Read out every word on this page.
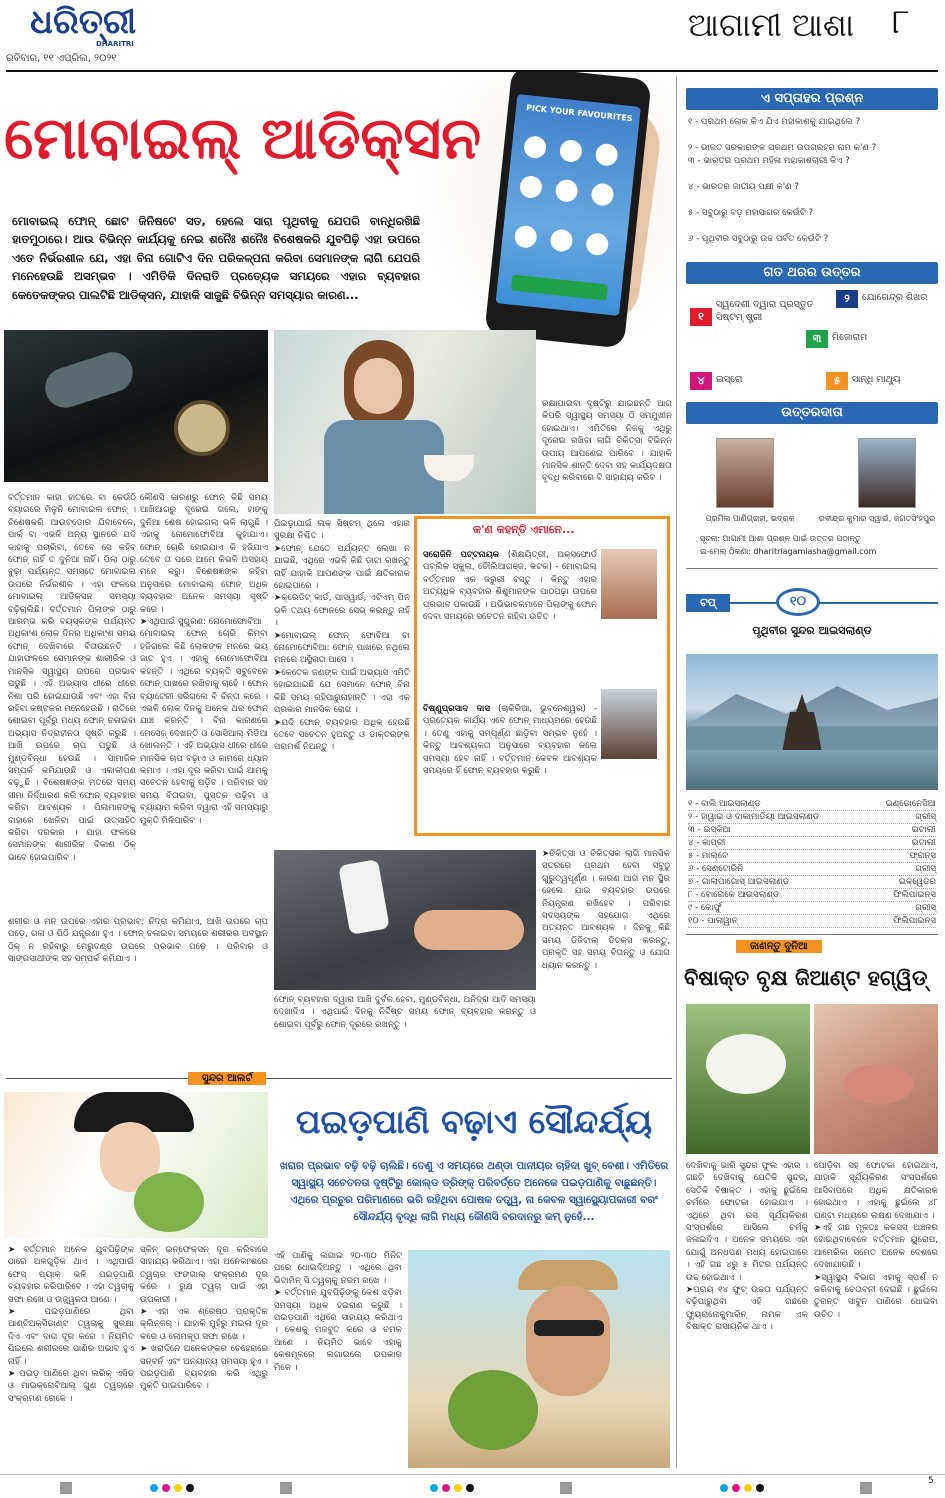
ଧରିତ୍ରୀ
DHARITRI
ରବିବାର, ୧୧ ଏପ୍ରିଲ, ୨୦୨୧
ଆଗାମୀ ଆଶା ୮
PICK YOUR FAVOURITES
ମୋବାଇଲ୍ ଆଡିକ୍ସନ
ମୋବାଇଲ୍ ଫୋନ୍ ଛୋଟ ଜିନିଷଟେ ସତ, ହେଲେ ସାରା ପୃଥିବୀକୁ ଯେପରି ବାନ୍ଧିରଖିଛି ହାତମୁଠାରେ। ଆଉ ବିଭିନ୍ନ କାର୍ଯ୍ୟକୁ ନେଇ ଶନୈଃ ଶନୈଃ ବିଶେଷକରି ଯୁବପିଢ଼ି ଏହା ଉପରେ ଏତେ ନିର୍ଭରଶୀଳ ଯେ, ଏହା ବିନା ଗୋଟିଏ ଦିନ ପରିକଳ୍ପନା କରିବା ସେମାନଙ୍କ ଲାଗି ଯେପରି ମନେହେଉଛି ଅସମ୍ଭବ । ଏମିତିକି ଦିନରାତି ପ୍ରତ୍ୟେକ ସମୟରେ ଏହାର ବ୍ୟବହାର କେତେକଙ୍କର ପାଲଟିଛି ଆଡିକ୍ସନ, ଯାହାକି ସାଜୁଛି ବିଭିନ୍ନ ସମସ୍ୟାର କାରଣ...
ରକ୍ଷାପାଇବା ଦୃଷ୍ଟିରୁ ଯାଇଛନ୍ତି ଆଗ କିପରି ସ୍ୱାସ୍ଥ୍ୟ ସମସ୍ୟା ଠି ସମ୍ମୁଖୀନ ହୋଇଥାଏ। ଏମିତିରେ ନିଜକୁ ଏଥିରୁ ଦୂରେଇ ରଖିବା ଲାଗି ଚିକିତ୍ସା ବିଭିନ୍ନ ଉପାୟ ଆପଣେଇ ପାରିବେ । ଯାହାକି ମାନସିକ ଶାନ୍ତି ଦେବା ସହ କାର୍ଯ୍ୟଦକ୍ଷତା ବୃଦ୍ଧି କରିବାରେ ବି ସାହାଯ୍ୟ କରିବ ।
ବର୍ତ୍ତମାନ କାହା ହାତରେ ବା କେଉଁଠି ବ୍ୟାଗରେ ମିଳୁନି ମୋବାଇଲ ଫୋନ୍ । ବିଶେଷକରି ଆଉଟ୍‌ଡୋର ଯିବାବେଳେ, ପାର୍କ ବା ଏଭଳି ଅନ୍ୟ ସ୍ଥାନରେ ଯଦି କାହାକୁ ପଚାରିବା, ତେବେ ସେ କହିବ ଫୋନ୍ ନାହିଁ ତ ଦୁନିଆ ନାହିଁ। ପିଲା ଠାରୁ ବୁଢ଼ା ପର୍ଯ୍ୟନ୍ତ ସମସ୍ତେ ମୋବାଇଲ ଉପରେ ନିର୍ଭରଶୀଳ । ଏହା ଫଳରେ ମୋବାଇଲ୍ ଆଡିକ୍ସନ ସମସ୍ୟା ବଢ଼ିଚାଲିଛି। ବର୍ତ୍ତମାନ ପିଲାଙ୍କ ଠାରୁ ଆରମ୍ଭ କରି ବୟସ୍କଙ୍କ ପର୍ଯ୍ୟନ୍ତ ଅଧିକାଂଶ ଲୋକ ଦିନର ଅଧିକାଂଶ ସମୟ ଫୋନ୍ ଦେଖିବାରେ ବିତାଉଛନ୍ତି । ଯାହାଫଳରେ ସେମାନଙ୍କ ଶାରୀରିକ ଓ ମାନସିକ ସ୍ୱାସ୍ଥ୍ୟ ଉପରେ ପ୍ରଭାବ ପଡୁଛି । ଏହି ଅଭ୍ୟାସ ଧୀରେ ଧୀରେ ନିଶା ପରି ହୋଇଯାଉଛି ଏବଂ ଏହା ବିନା ରହିବା କଷ୍ଟକର ମନେହେଉଛି । ରାତିରେ ଶୋଇବା ପୂର୍ବରୁ ମଧ୍ୟ ଫୋନ୍ ଚଳାଇବା ଅଭ୍ୟାସ ନିଦ୍ରାହୀନତା ସୃଷ୍ଟି କରୁଛି । ଆଖି ଉପରେ ଚାପ ପଡୁଛି ଓ ମୁଣ୍ଡବିନ୍ଧା ହେଉଛି । ସାମାଜିକ ସମ୍ପର୍କ କମିଯାଉଛି ଓ ଏକାକୀପଣ ବଢ଼ୁଛି । ବିଶେଷଜ୍ଞଙ୍କ ମତରେ ସମୟ ସୀମା ନିର୍ଦ୍ଧାରଣ କରି ଫୋନ୍ ବ୍ୟବହାର କରିବା ଆବଶ୍ୟକ । ପିଲାମାନଙ୍କୁ ବାହାରେ ଖେଳିବା ପାଇଁ ଉତ୍ସାହିତ କରିବା ଦରକାର । ଯାହା ଫଳରେ ସେମାନଙ୍କ ଶାରୀରିକ ବିକାଶ ଠିକ୍ ଭାବେ ହୋଇପାରିବ ।
କୌଣସି କାରଣରୁ ଫୋନ୍ କିଛି ସମୟ ଆଖିଆଗରୁ ଦୂରେଇ ଗଲେ, ହାଙ୍କୁ ଦୁନିଆ ଶେଷ ହୋଇଗଲା ଭଳି ଲାଗୁଛି । ଏହାକୁ ନୋମୋଫୋବିଆ କୁହାଯାଏ। ଫୋନ୍ ଚୋରି ହୋଇଯାଏ କି ହଜିଯାଏ ତେବେ ତା ପରେ ଆମେ କିଭଳି ଅସହାୟ ମନେ କରୁ। ବିଶେଷଜ୍ଞଙ୍କ କହିବା ଅନୁସାରେ ମୋବାଇଲ୍ ଫୋନ୍ ଅଧିକ ବ୍ୟବହାର ଅନେକ ସମସ୍ୟା ସୃଷ୍ଟି କରେ ।
➤ଏଥିପାଇଁ ସୁଗୁରଣ: ନୋମୋଫୋବିଆ
ମୋବାଇଲ୍ ଫୋନ୍ ଚୋରି କିମ୍ବା ହଜିଗଲେ କିଛି ଲୋକଙ୍କ ମନରେ ଭୟ ଜାତ ହୁଏ । ଏହାକୁ ନୋମୋଫୋବିଆ କହନ୍ତି । ଏଥିରେ ବ୍ୟକ୍ତି ସବୁବେଳେ ଫୋନ୍ ପାଖରେ ରଖିବାକୁ ଚାହେଁ । ଫୋନ୍ ବ୍ୟାଟେରୀ ସରିଗଲେ ବି ଚିନ୍ତା କରେ । ଏଭଳି ଲୋକ ଦିନକୁ ଅନେକ ଥର ଫୋନ୍ ଯାଞ୍ଚ କରନ୍ତି । ବିନା କାରଣରେ ମେସେଜ୍ ଦେଖନ୍ତି ଓ ସୋସିଆଲ୍ ମିଡିଆ ଖୋଲନ୍ତି । ଏହି ଅଭ୍ୟାସ ଧୀରେ ଧୀରେ ମାନସିକ ଚାପ ବଢ଼ାଏ ଓ କାମରେ ଧ୍ୟାନ କମାଏ । ଏହା ଦୂର କରିବା ପାଇଁ ଆମକୁ ସଚେତନ ହେବାକୁ ପଡ଼ିବ । ପରିବାର ସହ ସମୟ ବିତାଇବା, ପୁସ୍ତକ ପଢ଼ିବା ଓ ବ୍ୟାୟାମ କରିବା ଦ୍ୱାରା ଏହି ସମସ୍ୟାରୁ ମୁକ୍ତି ମିଳିପାରିବ ।
ପିଇଡ଼ାଯାଇଁ ଲକ୍ ସିଷ୍ଟମ୍ ଥିଲେ ଏହାର ସୁରକ୍ଷା ନିଶ୍ଚିତ ।
➤ଫୋନ୍ ଯେତେ ପର୍ଯ୍ୟନ୍ତ ଲେଖା ନ ଯାଇଛି, ଏଥିରେ ଏଭଳି କିଛି ଡାଟା ରଖନ୍ତୁ ନାହିଁ ଯାହାକି ଆପଣଙ୍କ ପାଇଁ କ୍ଷତିକାରକ ହୋଇପାରେ ।
➤କ୍ରେଡିଟ୍ କାର୍ଡ, ପାସୱାର୍ଡ, ଏଟିଏମ୍ ପିନ୍ ଭଳି ତଥ୍ୟ ଫୋନରେ ସେଭ୍ କରନ୍ତୁ ନାହିଁ ।
➤ମୋବାଇଲ୍ ଫୋନ୍ ଫୋବିଆ ବା ନୋମୋଫୋବିଆ: ଫୋନ୍ ପାଖରେ ନଥିଲେ ମନରେ ଅସ୍ଥିରତା ଆସେ ।
➤କେତେକ ଜଣଙ୍କ ପାଇଁ ଅଭ୍ୟାସ ଏମିତି ହୋଇଯାଇଛି ଯେ ସେମାନେ ଫୋନ୍ ବିନା କିଛି ସମୟ ରହିପାରୁନାହାନ୍ତି । ଏହା ଏକ ପ୍ରକାର ମାନସିକ ରୋଗ ।
➤ଯଦି ଫୋନ୍ ବ୍ୟବହାର ଅଧିକ ହେଉଛି ତେବେ ସଚେତନ ହୁଅନ୍ତୁ ଓ ଡାକ୍ତରଙ୍କ ପରାମର୍ଶ ନିଅନ୍ତୁ ।
ଶରୀର ଓ ମନ ଉପରେ ଏହାର ପ୍ରଭାବ: ନିଦ୍ରା କମିଯାଏ, ଆଖି ଉପରେ ଚାପ ପଡ଼େ, ଗଳା ଓ ପିଠି ଯନ୍ତ୍ରଣା ହୁଏ । ଫୋନ୍ ଚଳାଇବା ସମୟରେ ଶରୀରର ଅବସ୍ଥାନ ଠିକ୍ ନ ରହିବାରୁ ମେରୁଦଣ୍ଡ ଉପରେ ପ୍ରଭାବ ପଡ଼େ । ପରିବାର ଓ ସାଙ୍ଗସାଥୀଙ୍କ ସହ ସମ୍ପର୍କ କମିଯାଏ ।
କ'ଣ କହନ୍ତି ଏମାନେ...
ସରୋଜିନି ପଟ୍ଟନାୟକ (ଶିକ୍ଷୟିତ୍ରୀ, ଅକ୍ସଫୋର୍ଡ ପବ୍ଲିକ ସ୍କୁଲ, ଚୌଲିଆଗଞ୍ଜ, କଟକ) - ମୋବାଇଲ୍ ବର୍ତ୍ତମାନ ଏକ ଜରୁରୀ ବସ୍ତୁ । କିନ୍ତୁ ଏହାର ଅତ୍ୟଧିକ ବ୍ୟବହାର ଶିଶୁମାନଙ୍କ ପାଠପଢ଼ା ଉପରେ ପ୍ରଭାବ ପକାଉଛି । ଅଭିଭାବକମାନେ ପିଲାଙ୍କୁ ଫୋନ୍ ଦେବା ସମୟରେ ସଚେତନ ରହିବା ଉଚିତ ।
ବିଷ୍ଣୁପ୍ରସାଦ ଦାସ (ଚାକିରିଆ, ଭୁବନେଶ୍ୱର) - ପ୍ରତ୍ୟେକ କାର୍ଯ୍ୟ ଏବେ ଫୋନ୍ ମାଧ୍ୟମରେ ହେଉଛି । ତେଣୁ ଏହାକୁ ସମ୍ପୂର୍ଣ୍ଣ ଛାଡ଼ିବା ସମ୍ଭବ ନୁହେଁ । କିନ୍ତୁ ଆବଶ୍ୟକତା ଅନୁସାରେ ବ୍ୟବହାର କଲେ ସମସ୍ୟା ହେବ ନାହିଁ । ବର୍ତ୍ତମାନ କେବଳ ଆବଶ୍ୟକ ସମୟରେ ହିଁ ଫୋନ୍ ବ୍ୟବହାର କରୁଛି ।
ଫୋନ୍ ବ୍ୟବହାର ଦ୍ୱାରା ଆଖି ଦୁର୍ବଳ ହେବା, ମୁଣ୍ଡବିନ୍ଧା, ଅନିଦ୍ରା ଆଦି ସମସ୍ୟା ଦେଖାଦିଏ । ଏଥିପାଇଁ ଦିନକୁ ନିର୍ଦ୍ଦିଷ୍ଟ ସମୟ ଫୋନ୍ ବ୍ୟବହାର କରନ୍ତୁ ଓ ଶୋଇବା ପୂର୍ବରୁ ଫୋନ୍ ଦୂରରେ ରଖନ୍ତୁ ।
➤ଚିକିତ୍ସା ଓ ଚିକିତ୍ସକ ଲାଗି ମାନସିକ ସ୍ତରରେ ପ୍ରଥମ ହେବା ସବୁଠୁ ଗୁରୁତ୍ୱପୂର୍ଣ୍ଣ । କାରଣ ଆଗ ମନ ସ୍ଥିର ହେଲେ ଯାଇ ବ୍ୟବହାର ଉପରେ ନିୟନ୍ତ୍ରଣ ରଖିହେବ । ପରିବାର ସଦସ୍ୟଙ୍କ ସହଯୋଗ ଏଥିରେ ଅତ୍ୟନ୍ତ ଆବଶ୍ୟକ । ଦିନକୁ କିଛି ସମୟ ଡିଜିଟାଲ୍ ଡିଟକ୍ସ କରନ୍ତୁ, ପ୍ରକୃତି ସହ ସମୟ ବିତାନ୍ତୁ ଓ ଯୋଗ ଧ୍ୟାନ କରନ୍ତୁ ।
ସୁନ୍ଦର ଆଲର୍ଟ
ପଇଡ଼ପାଣି ବଢ଼ାଏ ସୌନ୍ଦର୍ଯ୍ୟ
ଖରାର ପ୍ରଭାବ ବଢ଼ି ବଢ଼ି ଚାଲିଛି। ତେଣୁ ଏ ସମୟରେ ଥଣ୍ଡା ପାନୀୟର ଚାହିଦା ଖୁବ୍ ବେଶୀ। ଏମିତିରେ ସ୍ୱାସ୍ଥ୍ୟ ସଚେତନତା ଦୃଷ୍ଟିରୁ କୋଲ୍ଡ ଡ୍ରିଙ୍କ୍ ପରିବର୍ତ୍ତେ ଅନେକେ ପଇଡ଼ପାଣିକୁ ବାଛୁଛନ୍ତି। ଏଥିରେ ପ୍ରଚୁର ପରିମାଣରେ ଭରି ରହିଥିବା ପୋଷକ ତତ୍ତ୍ୱ, ନା କେବଳ ସ୍ୱାସ୍ଥ୍ୟୋପକାରୀ ବରଂ ସୌନ୍ଦର୍ଯ୍ୟ ବୃଦ୍ଧି ଲାଗି ମଧ୍ୟ କୌଣସି ବରଦାନରୁ କମ୍ ନୁହେଁ...
➤ ବର୍ତ୍ତମାନ ଅନେକ ଯୁବପିଢ଼ିଙ୍କ ଠାରେ ଅଳଗୁଡ଼ିକ ଥାଏ । ଏଥିପାଇଁ ଫେସ୍ ପ୍ୟାକ୍ ଭଳି ପଇଡ଼ପାଣି ବ୍ୟବହାର କରିପାରିବେ । ଏହା ତ୍ୱଚାକୁ ସଫା ରଖେ ଓ ଉଜ୍ଜ୍ୱଳତା ଆଣେ ।
➤ ପଇଡ଼ପାଣିରେ ଥିବା ଆଣ୍ଟିଅକ୍ସିଡାଣ୍ଟ ତ୍ୱଚାକୁ ସୁରକ୍ଷା ଦିଏ ଏବଂ ଦାଗ ଦୂର କରେ । ନିୟମିତ ପିଇଲେ ଶରୀରରେ ପାଣିର ଅଭାବ ହୁଏ ନାହିଁ ।
➤ ପଇଡ଼ ପାଣିରେ ଥିବା ଲରିକ୍ ଏସିଡ୍ ଓ ମାଇକ୍ରୋବିଆଲ୍ ଗୁଣ ତ୍ୱଚାରେ ସଂକ୍ରମଣ ରୋକେ ।
ସ୍କିନ୍ ଇନ୍‌ଫେକ୍ସନ୍ ଦୂର କରିବାରେ ସାହାଯ୍ୟ କରିଥାଏ। ଏହା ଅନେକାଂଶରେ ତ୍ୱଚାର ଫଙ୍ଗାଲ୍ ସଂକ୍ରମଣ ଦୂର କରେ । ରୁକ୍ଷ ତ୍ୱଚା ପାଇଁ ଏହା ଉପକାରୀ ।
➤ ଏହା ଏକ ଶ୍ରେଷ୍ଠ ପ୍ରାକୃତିକ କ୍ଲିନ୍‌ଜର୍ । ଯାହାକି ମୁହଁରୁ ମଇଳା ଦୂର କରେ ଓ ଲୋମକୂପ ସଫା ରଖେ ।
➤ ଖରାଦିନେ ଅନେକଙ୍କର ଚେହେରାରେ ସନ୍‌ବର୍ନ ଏବଂ ଅନ୍ୟାନ୍ୟ ସମସ୍ୟା ହୁଏ । ପଇଡ଼ପାଣି ବ୍ୟବହାର କରି ଏଥିରୁ ମୁକ୍ତି ପାଇପାରିବେ ।
ଏହି ପାଣିକୁ ଲଗାଇ ୨୦-୩୦ ମିନିଟ୍ ପରେ ଧୋଇଦିଅନ୍ତୁ । ଏଥିରେ ଥିବା ଭିଟାମିନ୍ ସି ତ୍ୱଚାକୁ ନରମ ରଖେ ।
➤ ବର୍ତ୍ତମାନ ଯୁବପିଢ଼ିଙ୍କୁ କେଶ ଝଡ଼ିବା ସମସ୍ୟା ଅଧିକ ହଇରାଣ କରୁଛି । ପଇଡ଼ପାଣି ଏଥିରେ ସାହାଯ୍ୟ କରିଥାଏ । କେଶକୁ ମଜବୁତ କରେ ଓ ଚମକ ଆଣେ । ନିୟମିତ ଭାବେ ଏହାକୁ କେଶମୂଳରେ ଲଗାଇଲେ ଉପକାର ମିଳେ ।
ଏ ସପ୍ତାହର ପ୍ରଶ୍ନ
୧ - ପ୍ରଥମ ଲୋକ କିଏ ଯିଏ ମହାକାଶକୁ ଯାଇଥିଲେ ?
୨ - ଭାରତ ସରକାରଙ୍କ ପ୍ରଥମ ଉପଗ୍ରହର ନାମ କ'ଣ ?
୩ - ଭାରତର ପ୍ରଥମ ମହିଳା ମହାକାଶଚାରୀ କିଏ ?
୪ - ଭାରତର ଜାତୀୟ ପକ୍ଷୀ କ'ଣ ?
୫ - ସବୁଠାରୁ ବଡ଼ ମହାସାଗର କେଉଁଟି ?
୬ - ପୃଥିବୀର ସବୁଠାରୁ ଉଚ୍ଚ ପର୍ବତ କେଉଁଟି ?
ଗତ ଥରର ଉତ୍ତର
୧
ସ୍ୱଦେଶୀ ଦ୍ୱାରା ପ୍ରସ୍ତୁତ ସିଷ୍ଟମ୍ ଷ୍ଟ୍ରୀ
୨	ଯୋଗେନ୍ଦ୍ର ଶିଖର
୩	ମିଜୋରାମ
୪	ଇସ୍ରୋ	୫	ସାନ୍ଧି ମାଥ୍ୟୁ
ଉତ୍ତରଦାତା
ପ୍ରମିଳା ପାଣିଗ୍ରାହୀ, ଭଦ୍ରକ	ରବୀନ୍ଦ୍ର କୁମାର ସ୍ୱାଇଁ, ଜଗତସିଂହପୁର
ସୂଚନା: ଆଗାମୀ ଆଶା ପ୍ରଶ୍ନ ପାଇଁ ଉତ୍ତର ପଠାନ୍ତୁ
ଇ-ମେଲ୍ ଠିକଣା: dharitriagamiasha@gmail.com
ଟପ୍	୧୦
ପୃଥିବୀର ସୁନ୍ଦର ଆଇସଲାଣ୍ଡ
୧ - ବାଲି ଆଇସଲାଣ୍ଡ	ଇଣ୍ଡୋନେସିଆ
୨ - ହାୱାଇ ଓ ଦାକାମାଡିୟା ଆଇସଲାଣ୍ଡ	ଗ୍ରୀସ୍
୩ - ଇସ୍କିଆ	ଇଟାଲୀ
୪ - କାପ୍ରୀ	ଇଟାଲୀ
୫ - ମାଲ୍ଟେ	ଫ୍ରାନ୍ସ
୬ - ସେଣ୍ଟୋରିନି	ଗ୍ରୀସ୍
୭ - ଗାଲାପାଗୋସ୍ ଆଇସଲାଣ୍ଡ	ଇକ୍ୱେଡର
୮ - ବୋରୋକେ ଆଇସଲାଣ୍ଡ	ଫିଲିପାଇନ୍ସ
୯ - କୋର୍ଫୁ	ଗ୍ରୀସ୍
୧୦ - ପାଲାୱାନ୍	ଫିଲିପାଇନ୍ସ
ଜାଣନ୍ତୁ ଦୁନିଆ
ବିଷାକ୍ତ ବୃକ୍ଷ ଜିଆଣ୍ଟ ହଗ୍‌ୱିଡ୍
ଦେଖିବାକୁ ଭାରି ସୁନ୍ଦର ଫୁଲ ଏହାର । ଗଛଟି ଦେଖିବାକୁ ଯେତିକି ସୁନ୍ଦର, ସେତିକି ବିଷାକ୍ତ । ଏହାକୁ ଛୁଇଁଲେ ଚର୍ମରେ ଫୋଟକା ହୋଇଯାଏ । ଏଥିରେ ଥିବା ରସ ସୂର୍ଯ୍ୟକିରଣ ସଂସ୍ପର୍ଶରେ ଆସିଲେ ଚର୍ମକୁ ଜଳାଇଦିଏ । ଅନେକ ସମୟରେ ଏହା ଯୋଗୁଁ ଅନ୍ଧପଣ ମଧ୍ୟ ହୋଇପାରେ । ଏହି ଗଛ ୪ରୁ ୫ ମିଟର ପର୍ଯ୍ୟନ୍ତ ଉଚ୍ଚ ହୋଇଥାଏ ।
➤ପ୍ରାୟ ୧୪ ଫୁଟ୍ ଉଚ୍ଚତା ପର୍ଯ୍ୟନ୍ତ ବଢ଼ିପାରୁଥିବା ଏହି ଗଛରେ ଫ୍ୟୁରାନୋକୁମାରିନ୍ ନାମକ ଏକ ବିଷାକ୍ତ ରାସାୟନିକ ଥାଏ ।
ପୋଡ଼ିବା ସହ ଫୋଟକା ହୋଇଥାଏ, ଯାହାକି ସୂର୍ଯ୍ୟକିରଣ ସଂସ୍ପର୍ଶରେ ଆସିବାପରେ ଅଧିକ କ୍ଷତିକାରକ ହୋଇଥାଏ । ଏହାକୁ ଛୁଇଁଲେ ୪୮ ଘଣ୍ଟା ମଧ୍ୟରେ ଲକ୍ଷଣ ଦେଖାଯାଏ ।
➤ଏହି ଗଛ ମୂଳତଃ କକସସ୍ ଅଞ୍ଚଳର ହୋଇଥିବାବେଳେ ବର୍ତ୍ତମାନ ୟୁରୋପ, ଆମେରିକା ସମେତ ଅନେକ ଦେଶରେ ଦେଖାଯାଉଛି ।
➤ସ୍ୱାସ୍ଥ୍ୟ ବିଭାଗ ଏହାକୁ ସ୍ପର୍ଶ ନ କରିବାକୁ ଚେତାବନୀ ଦେଇଛି । ଛୁଇଁଲେ ତୁରନ୍ତ ସାବୁନ ପାଣିରେ ଧୋଇବା ଉଚିତ ।
5
